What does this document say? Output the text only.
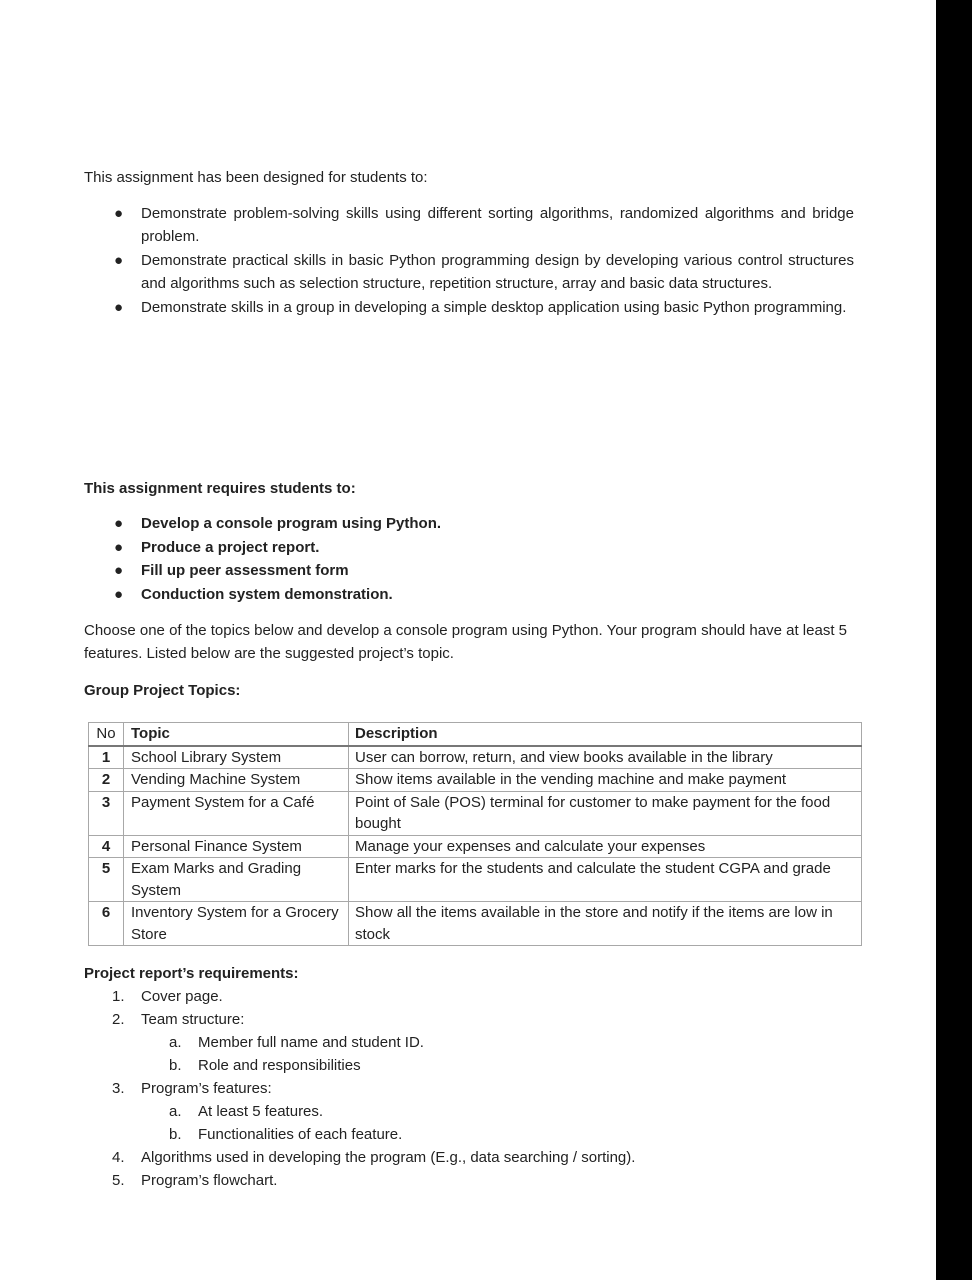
This assignment has been designed for students to:

● Demonstrate problem-solving skills using different sorting algorithms, randomized algorithms and bridge problem.
● Demonstrate practical skills in basic Python programming design by developing various control structures and algorithms such as selection structure, repetition structure, array and basic data structures.
● Demonstrate skills in a group in developing a simple desktop application using basic Python programming.

This assignment requires students to:

● Develop a console program using Python.
● Produce a project report.
● Fill up peer assessment form
● Conduction system demonstration.

Choose one of the topics below and develop a console program using Python. Your program should have at least 5 features. Listed below are the suggested project’s topic.

Group Project Topics:

No	Topic	Description
1	School Library System	User can borrow, return, and view books available in the library
2	Vending Machine System	Show items available in the vending machine and make payment
3	Payment System for a Café	Point of Sale (POS) terminal for customer to make payment for the food bought
4	Personal Finance System	Manage your expenses and calculate your expenses
5	Exam Marks and Grading System	Enter marks for the students and calculate the student CGPA and grade
6	Inventory System for a Grocery Store	Show all the items available in the store and notify if the items are low in stock

Project report’s requirements:

1. Cover page.
2. Team structure:
a. Member full name and student ID.
b. Role and responsibilities
3. Program’s features:
a. At least 5 features.
b. Functionalities of each feature.
4. Algorithms used in developing the program (E.g., data searching / sorting).
5. Program’s flowchart.
